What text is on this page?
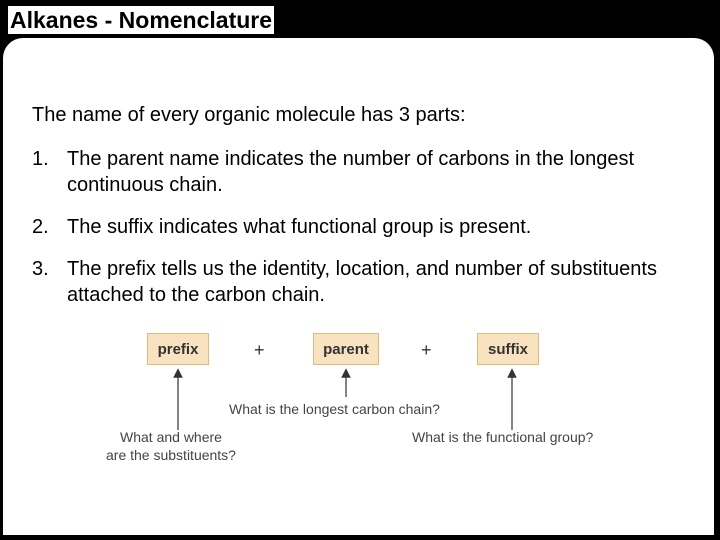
Alkanes - Nomenclature
The name of every organic molecule has 3 parts:
1. The parent name indicates the number of carbons in the longest continuous chain.
2. The suffix indicates what functional group is present.
3. The prefix tells us the identity, location, and number of substituents attached to the carbon chain.
prefix	+	parent	+	suffix
What is the longest carbon chain?
What and where
are the substituents?
What is the functional group?
